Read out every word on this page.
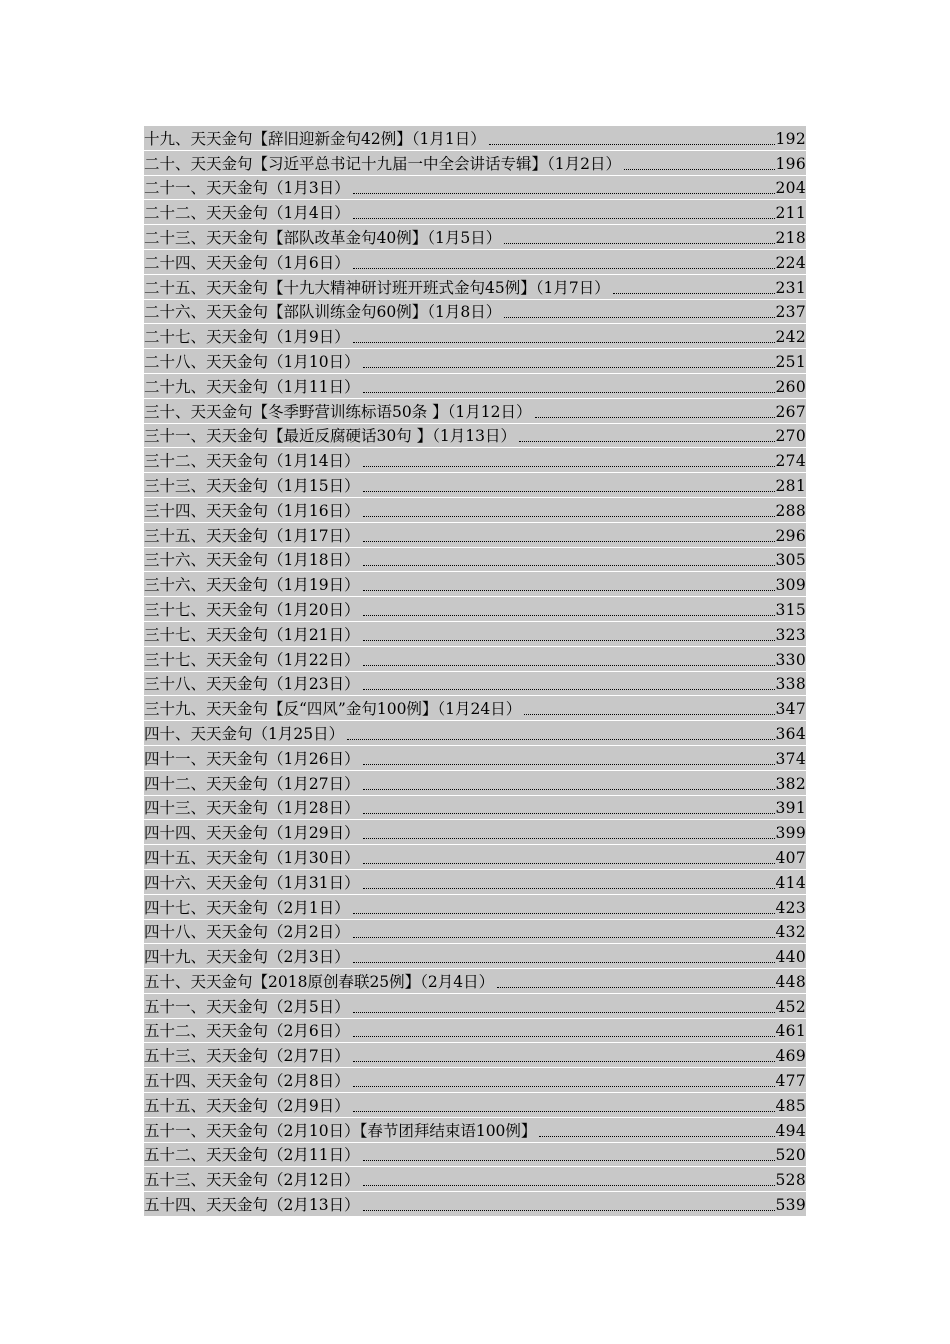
十九、天天金句【辞旧迎新金句42例】（1月1日）	192
二十、天天金句【习近平总书记十九届一中全会讲话专辑】（1月2日）	196
二十一、天天金句（1月3日）	204
二十二、天天金句（1月4日）	211
二十三、天天金句【部队改革金句40例】（1月5日）	218
二十四、天天金句（1月6日）	224
二十五、天天金句【十九大精神研讨班开班式金句45例】（1月7日）	231
二十六、天天金句【部队训练金句60例】（1月8日）	237
二十七、天天金句（1月9日）	242
二十八、天天金句（1月10日）	251
二十九、天天金句（1月11日）	260
三十、天天金句【冬季野营训练标语50条 】（1月12日）	267
三十一、天天金句【最近反腐硬话30句 】（1月13日）	270
三十二、天天金句（1月14日）	274
三十三、天天金句（1月15日）	281
三十四、天天金句（1月16日）	288
三十五、天天金句（1月17日）	296
三十六、天天金句（1月18日）	305
三十六、天天金句（1月19日）	309
三十七、天天金句（1月20日）	315
三十七、天天金句（1月21日）	323
三十七、天天金句（1月22日）	330
三十八、天天金句（1月23日）	338
三十九、天天金句【反“四风”金句100例】（1月24日）	347
四十、天天金句（1月25日）	364
四十一、天天金句（1月26日）	374
四十二、天天金句（1月27日）	382
四十三、天天金句（1月28日）	391
四十四、天天金句（1月29日）	399
四十五、天天金句（1月30日）	407
四十六、天天金句（1月31日）	414
四十七、天天金句（2月1日）	423
四十八、天天金句（2月2日）	432
四十九、天天金句（2月3日）	440
五十、天天金句【2018原创春联25例】（2月4日）	448
五十一、天天金句（2月5日）	452
五十二、天天金句（2月6日）	461
五十三、天天金句（2月7日）	469
五十四、天天金句（2月8日）	477
五十五、天天金句（2月9日）	485
五十一、天天金句（2月10日）【春节团拜结束语100例】	494
五十二、天天金句（2月11日）	520
五十三、天天金句（2月12日）	528
五十四、天天金句（2月13日）	539
